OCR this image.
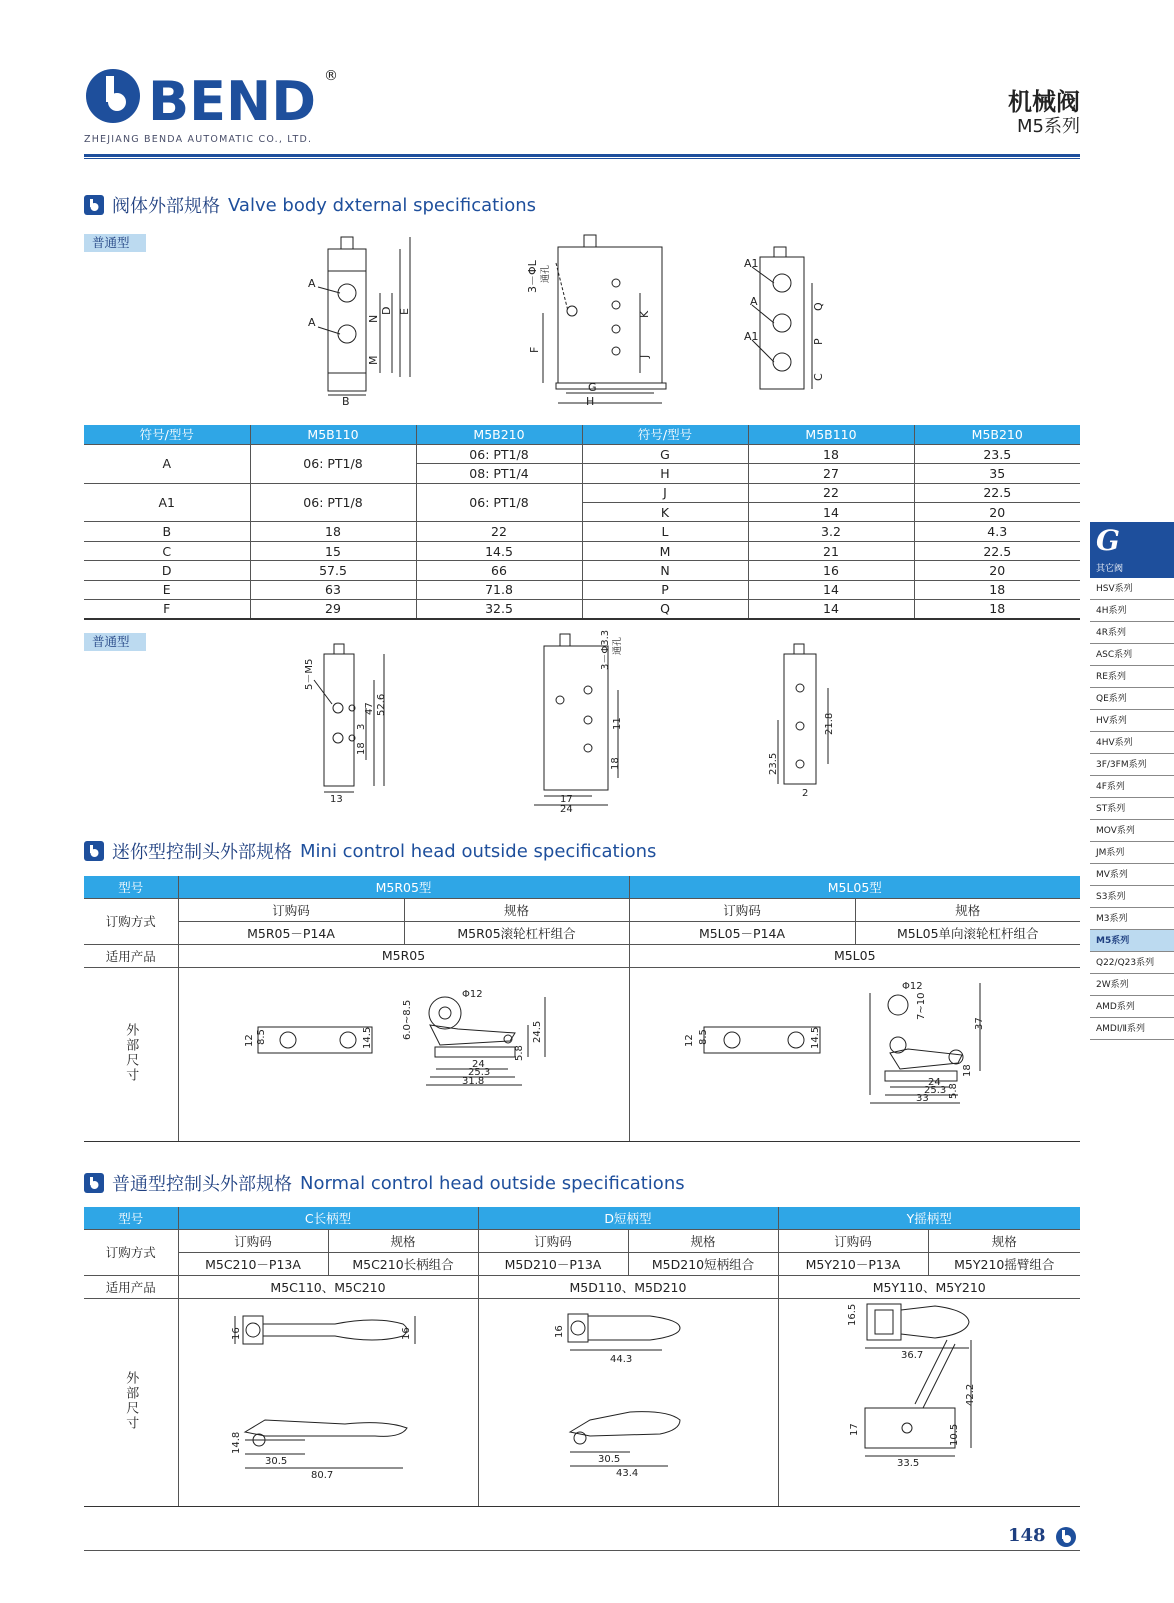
BEND ®
ZHEJIANG BENDA AUTOMATIC CO., LTD.
机械阀
M5系列
阀体外部规格 Valve body dxternal specifications
普通型
A
A
B
M
N
D E
3－ΦL 通孔
F
K
J
G
H
A1
A
A1
Q
P
C
符号/型号	M5B110	M5B210	符号/型号	M5B110	M5B210
A	06: PT1/8	06: PT1/8	G	18	23.5
		08: PT1/4	H	27	35
A1	06: PT1/8	06: PT1/8	J	22	22.5
			K	14	20
B	18	22	L	3.2	4.3
C	15	14.5	M	21	22.5
D	57.5	66	N	16	20
E	63	71.8	P	14	18
F	29	32.5	Q	14	18
普通型
5－M5
13
18
3
47 52.6
3－Φ3.3 通孔
11
18
17
24
21.8
23.5
2
迷你型控制头外部规格 Mini control head outside specifications
型号	M5R05型		M5L05型	
订购方式	订购码	规格	订购码	规格
	M5R05－P14A	M5R05滚轮杠杆组合	M5L05－P14A	M5L05单向滚轮杠杆组合
适用产品	M5R05		M5L05	
外部尺寸					12 8.5	14.5
Φ12
6.0~8.5	24.5
5.8
24
25.3
31.8
12 8.5	14.5
Φ12
7~10
37
18
5.8
24
25.3
33
普通型控制头外部规格 Normal control head outside specifications
型号	C长柄型		D短柄型		Y摇柄型	
订购方式	订购码	规格	订购码	规格	订购码	规格
	M5C210－P13A	M5C210长柄组合	M5D210－P13A	M5D210短柄组合	M5Y210－P13A	M5Y210摇臂组合
适用产品	M5C110、M5C210		M5D110、M5D210		M5Y110、M5Y210	
外部尺寸						
16	16
14.8
30.5
80.7
16
44.3
30.5
43.4
16.5
36.7
42.2
17	10.5
33.5
G
其它阀
HSV系列
4H系列
4R系列
ASC系列
RE系列
QE系列
HV系列
4HV系列
3F/3FM系列
4F系列
ST系列
MOV系列
JM系列
MV系列
S3系列
M3系列
M5系列
Q22/Q23系列
2W系列
AMD系列
AMDⅠ/Ⅱ系列
148
